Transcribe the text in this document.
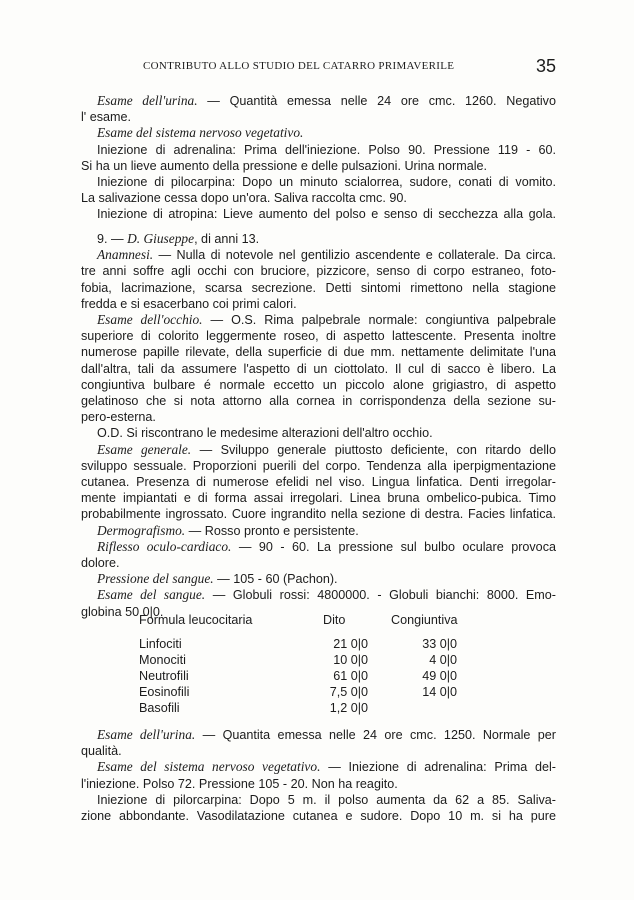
CONTRIBUTO ALLO STUDIO DEL CATARRO PRIMAVERILE	35
Esame dell'urina. — Quantità emessa nelle 24 ore cmc. 1260. Negativo
l' esame.
Esame del sistema nervoso vegetativo.
Iniezione di adrenalina: Prima dell'iniezione. Polso 90. Pressione 119 - 60.
Si ha un lieve aumento della pressione e delle pulsazioni. Urina normale.
Iniezione di pilocarpina: Dopo un minuto scialorrea, sudore, conati di vomito.
La salivazione cessa dopo un'ora. Saliva raccolta cmc. 90.
Iniezione di atropina: Lieve aumento del polso e senso di secchezza alla gola.
9. — D. Giuseppe, di anni 13.
Anamnesi. — Nulla di notevole nel gentilizio ascendente e collaterale. Da circa.
tre anni soffre agli occhi con bruciore, pizzicore, senso di corpo estraneo, foto-
fobia, lacrimazione, scarsa secrezione. Detti sintomi rimettono nella stagione
fredda e si esacerbano coi primi calori.
Esame dell'occhio. — O.S. Rima palpebrale normale: congiuntiva palpebrale
superiore di colorito leggermente roseo, di aspetto lattescente. Presenta inoltre
numerose papille rilevate, della superficie di due mm. nettamente delimitate l'una
dall'altra, tali da assumere l'aspetto di un ciottolato. Il cul di sacco è libero. La
congiuntiva bulbare é normale eccetto un piccolo alone grigiastro, di aspetto
gelatinoso che si nota attorno alla cornea in corrispondenza della sezione su-
pero-esterna.
O.D. Si riscontrano le medesime alterazioni dell'altro occhio.
Esame generale. — Sviluppo generale piuttosto deficiente, con ritardo dello
sviluppo sessuale. Proporzioni puerili del corpo. Tendenza alla iperpigmentazione
cutanea. Presenza di numerose efelidi nel viso. Lingua linfatica. Denti irregolar-
mente impiantati e di forma assai irregolari. Linea bruna ombelico-pubica. Timo
probabilmente ingrossato. Cuore ingrandito nella sezione di destra. Facies linfatica.
Dermografismo. — Rosso pronto e persistente.
Riflesso oculo-cardiaco. — 90 - 60. La pressione sul bulbo oculare provoca
dolore.
Pressione del sangue. — 105 - 60 (Pachon).
Esame del sangue. — Globuli rossi: 4800000. - Globuli bianchi: 8000. Emo-
globina 50 0|0.
Esame dell'urina. — Quantita emessa nelle 24 ore cmc. 1250. Normale per
qualità.
Esame del sistema nervoso vegetativo. — Iniezione di adrenalina: Prima del-
l'iniezione. Polso 72. Pressione 105 - 20. Non ha reagito.
Iniezione di pilorcarpina: Dopo 5 m. il polso aumenta da 62 a 85. Saliva-
zione abbondante. Vasodilatazione cutanea e sudore. Dopo 10 m. si ha pure
Formula leucocitaria	Dito	Congiuntiva
Linfociti	21 0|0	33 0|0
Monociti	10 0|0	4 0|0
Neutrofili	61 0|0	49 0|0
Eosinofili	7,5 0|0	14 0|0
Basofili	1,2 0|0
